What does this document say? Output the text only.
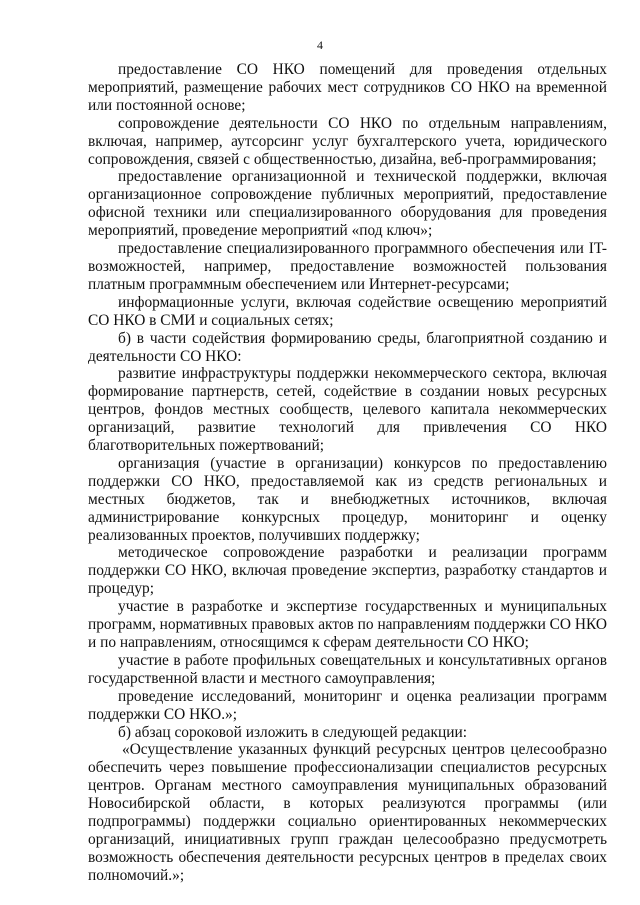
4

предоставление СО НКО помещений для проведения отдельных мероприятий, размещение рабочих мест сотрудников СО НКО на временной или постоянной основе;

сопровождение деятельности СО НКО по отдельным направлениям, включая, например, аутсорсинг услуг бухгалтерского учета, юридического сопровождения, связей с общественностью, дизайна, веб-программирования;

предоставление организационной и технической поддержки, включая организационное сопровождение публичных мероприятий, предоставление офисной техники или специализированного оборудования для проведения мероприятий, проведение мероприятий «под ключ»;

предоставление специализированного программного обеспечения или IT-возможностей, например, предоставление возможностей пользования платным программным обеспечением или Интернет-ресурсами;

информационные услуги, включая содействие освещению мероприятий СО НКО в СМИ и социальных сетях;

б) в части содействия формированию среды, благоприятной созданию и деятельности СО НКО:

развитие инфраструктуры поддержки некоммерческого сектора, включая формирование партнерств, сетей, содействие в создании новых ресурсных центров, фондов местных сообществ, целевого капитала некоммерческих организаций, развитие технологий для привлечения СО НКО благотворительных пожертвований;

организация (участие в организации) конкурсов по предоставлению поддержки СО НКО, предоставляемой как из средств региональных и местных бюджетов, так и внебюджетных источников, включая администрирование конкурсных процедур, мониторинг и оценку реализованных проектов, получивших поддержку;

методическое сопровождение разработки и реализации программ поддержки СО НКО, включая проведение экспертиз, разработку стандартов и процедур;

участие в разработке и экспертизе государственных и муниципальных программ, нормативных правовых актов по направлениям поддержки СО НКО и по направлениям, относящимся к сферам деятельности СО НКО;

участие в работе профильных совещательных и консультативных органов государственной власти и местного самоуправления;

проведение исследований, мониторинг и оценка реализации программ поддержки СО НКО.»;

б) абзац сороковой изложить в следующей редакции:

«Осуществление указанных функций ресурсных центров целесообразно обеспечить через повышение профессионализации специалистов ресурсных центров. Органам местного самоуправления муниципальных образований Новосибирской области, в которых реализуются программы (или подпрограммы) поддержки социально ориентированных некоммерческих организаций, инициативных групп граждан целесообразно предусмотреть возможность обеспечения деятельности ресурсных центров в пределах своих полномочий.»;
